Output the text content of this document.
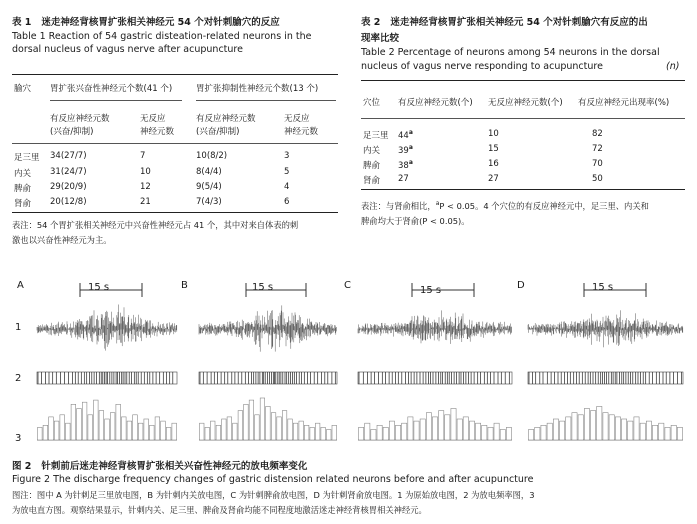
表 1 迷走神经背核胃扩张相关神经元 54 个对针刺腧穴的反应
Table 1 Reaction of 54 gastric disteation-related neurons in the
dorsal nucleus of vagus nerve after acupuncture
腧穴 胃扩张兴奋性神经元个数(41 个)	胃扩张抑制性神经元个数(13 个)
有反应神经元数
(兴奋/抑制)
无反应
神经元数
有反应神经元数
(兴奋/抑制)
无反应
神经元数
足三里 34(27/7)	7	10(8/2)	3
内关 31(24/7)	10	8(4/4)	5
脾俞 29(20/9)	12	9(5/4)	4
肾俞 20(12/8)	21	7(4/3)	6
表注：54 个胃扩张相关神经元中兴奋性神经元占 41 个，其中对来自体表的刺
激也以兴奋性神经元为主。
表 2 迷走神经背核胃扩张相关神经元 54 个对针刺腧穴有反应的出
现率比较
Table 2 Percentage of neurons among 54 neurons in the dorsal
nucleus of vagus nerve responding to acupuncture	(n)
穴位 有反应神经元数(个) 无反应神经元数(个) 有反应神经元出现率(%)
足三里 44$^a$	10	82
内关 39$^a$	15	72
脾俞 38$^a$	16	70
肾俞 27	27	50
表注：与肾俞相比，$^a$P < 0.05。4 个穴位的有反应神经元中，足三里、内关和
脾俞均大于肾俞(P < 0.05)。
A	B	C	D
15 s	15 s	15 s	15 s
1
2
3
图 2 针刺前后迷走神经背核胃扩张相关兴奋性神经元的放电频率变化
Figure 2 The discharge frequency changes of gastric distension related neurons before and after acupuncture
图注：图中 A 为针刺足三里放电图，B 为针刺内关放电图，C 为针刺脾俞放电图，D 为针刺肾俞放电图。1 为原始放电图，2 为放电频率图，3
为放电直方图。观察结果显示，针刺内关、足三里、脾俞及肾俞均能不同程度地激活迷走神经背核胃相关神经元。
